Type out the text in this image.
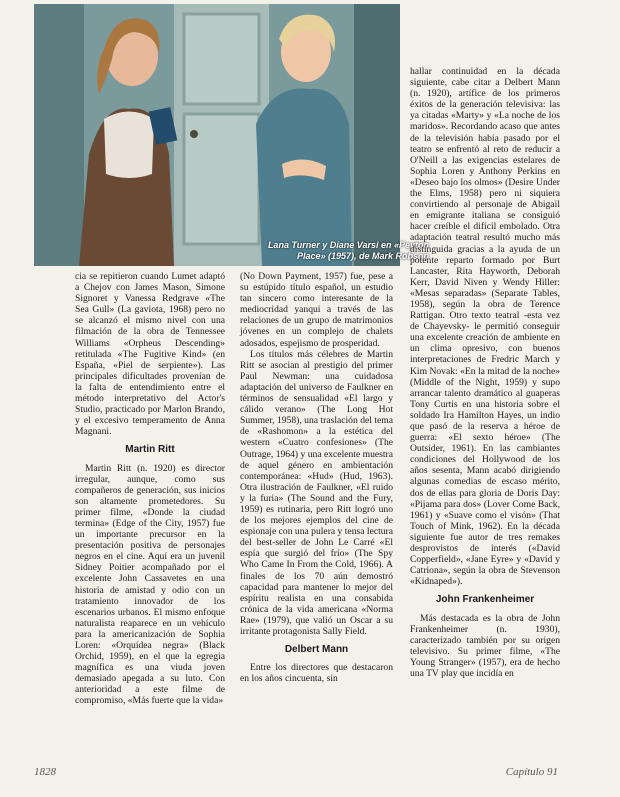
Lana Turner y Diane Varsi en «Peyton Place» (1957), de Mark Robson

hallar continuidad en la década siguiente, cabe citar a Delbert Mann (n. 1920), artífice de los primeros éxitos de la generación televisiva: las ya citadas «Marty» y «La noche de los maridos». Recordando acaso que antes de la televisión había pasado por el teatro se enfrentó al reto de reducir a O'Neill a las exigencias estelares de Sophia Loren y Anthony Perkins en «Deseo bajo los olmos» (Desire Under the Elms, 1958) pero ni siquiera convirtiendo al personaje de Abigail en emigrante italiana se consiguió hacer creíble el difícil embolado. Otra adaptación teatral resultó mucho más distinguida gracias a la ayuda de un potente reparto formado por Burt Lancaster, Rita Hayworth, Deborah Kerr, David Niven y Wendy Hiller: «Mesas separadas» (Separate Tables, 1958), según la obra de Terence Rattigan. Otro texto teatral -esta vez de Chayevsky- le permitió conseguir una excelente creación de ambiente en un clima opresivo, con buenos interpretaciones de Fredric March y Kim Novak: «En la mitad de la noche» (Middle of the Night, 1959) y supo arrancar talento dramático al guaperas Tony Curtis en una historia sobre el soldado Ira Hamilton Hayes, un indio que pasó de la reserva a héroe de guerra: «El sexto héroe» (The Outsider, 1961). En las cambiantes condiciones del Hollywood de los años sesenta, Mann acabó dirigiendo algunas comedias de escaso mérito, dos de ellas para gloria de Doris Day: «Pijama para dos» (Lover Come Back, 1961) y «Suave como el visón» (That Touch of Mink, 1962). En la década siguiente fue autor de tres remakes desprovistos de interés («David Copperfield», «Jane Eyre» y «David y Catriona», según la obra de Stevenson «Kidnaped»).

John Frankenheimer

Más destacada es la obra de John Frankenheimer (n. 1930), caracterizado también por su origen televisivo. Su primer filme, «The Young Stranger» (1957), era de hecho una TV play que incidía en

cia se repitieron cuando Lumet adaptó a Chejov con James Mason, Simone Signoret y Vanessa Redgrave «The Sea Gull» (La gaviota, 1968) pero no se alcanzó el mismo nivel con una filmación de la obra de Tennessee Williams «Orpheus Descending» retitulada «The Fugitive Kind» (en España, «Piel de serpiente»). Las principales dificultades provenían de la falta de entendimiento entre el método interpretativo del Actor's Studio, practicado por Marlon Brando, y el excesivo temperamento de Anna Magnani.

Martin Ritt

Martin Ritt (n. 1920) es director irregular, aunque, como sus compañeros de generación, sus inicios son altamente prometedores. Su primer filme, «Donde la ciudad termina» (Edge of the City, 1957) fue un importante precursor en la presentación positiva de personajes negros en el cine. Aquí era un juvenil Sidney Poitier acompañado por el excelente John Cassavetes en una historia de amistad y odio con un tratamiento innovador de los escenarios urbanos. El mismo enfoque naturalista reaparece en un vehículo para la americanización de Sophia Loren: «Orquídea negra» (Black Orchid, 1959), en el que la egregia magnífica es una viuda joven demasiado apegada a su luto. Con anterioridad a este filme de compromiso, «Más fuerte que la vida»

(No Down Payment, 1957) fue, pese a su estúpido título español, un estudio tan sincero como interesante de la mediocridad yanqui a través de las relaciones de un grupo de matrimonios jóvenes en un complejo de chalets adosados, espejismo de prosperidad.

Los títulos más célebres de Martin Ritt se asocian al prestigio del primer Paul Newman: una cuidadosa adaptación del universo de Faulkner en términos de sensualidad «El largo y cálido verano» (The Long Hot Summer, 1958), una traslación del tema de «Rashomon» a la estética del western «Cuatro confesiones» (The Outrage, 1964) y una excelente muestra de aquel género en ambientación contemporánea: «Hud» (Hud, 1963). Otra ilustración de Faulkner, «El ruido y la furia» (The Sound and the Fury, 1959) es rutinaria, pero Ritt logró uno de los mejores ejemplos del cine de espionaje con una pulera y tensa lectura del best-seller de John Le Carré «El espía que surgió del frío» (The Spy Who Came In From the Cold, 1966). A finales de los 70 aún demostró capacidad para mantener lo mejor del espíritu realista en una consabida crónica de la vida americana «Norma Rae» (1979), que valió un Oscar a su irritante protagonista Sally Field.

Delbert Mann

Entre los directores que destacaron en los años cincuenta, sin

1828	Capítulo 91
